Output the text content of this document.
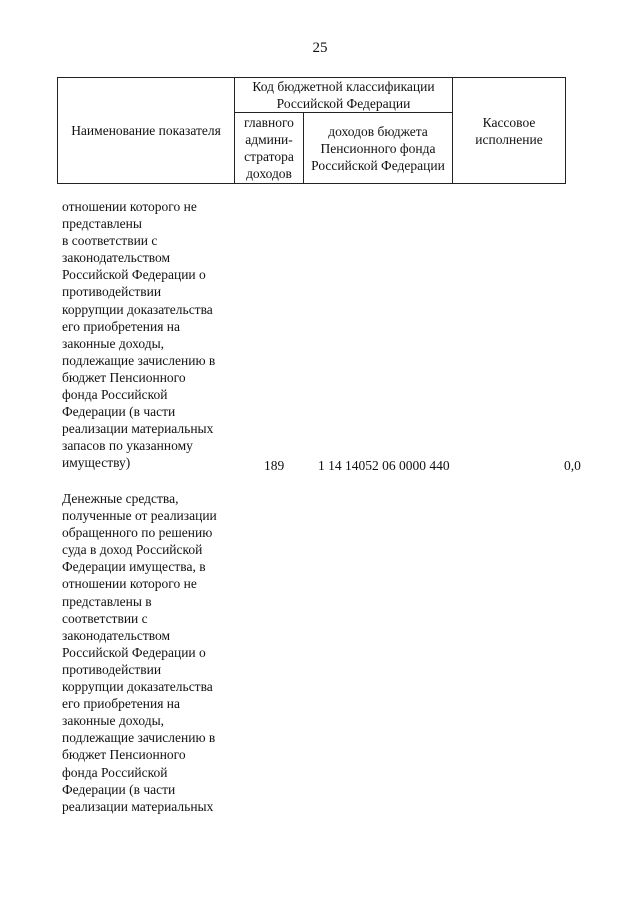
25
Наименование показателя	Код бюджетной классификации Российской Федерации		Кассовое исполнение
	главного админи-стратора доходов	доходов бюджета Пенсионного фонда Российской Федерации	
отношении которого не
представлены
в соответствии с
законодательством
Российской Федерации о
противодействии
коррупции доказательства
его приобретения на
законные доходы,
подлежащие зачислению в
бюджет Пенсионного
фонда Российской
Федерации (в части
реализации материальных
запасов по указанному
имуществу)	189	1 14 14052 06 0000 440	0,0
Денежные средства,
полученные от реализации
обращенного по решению
суда в доход Российской
Федерации имущества, в
отношении которого не
представлены в
соответствии с
законодательством
Российской Федерации о
противодействии
коррупции доказательства
его приобретения на
законные доходы,
подлежащие зачислению в
бюджет Пенсионного
фонда Российской
Федерации (в части
реализации материальных
